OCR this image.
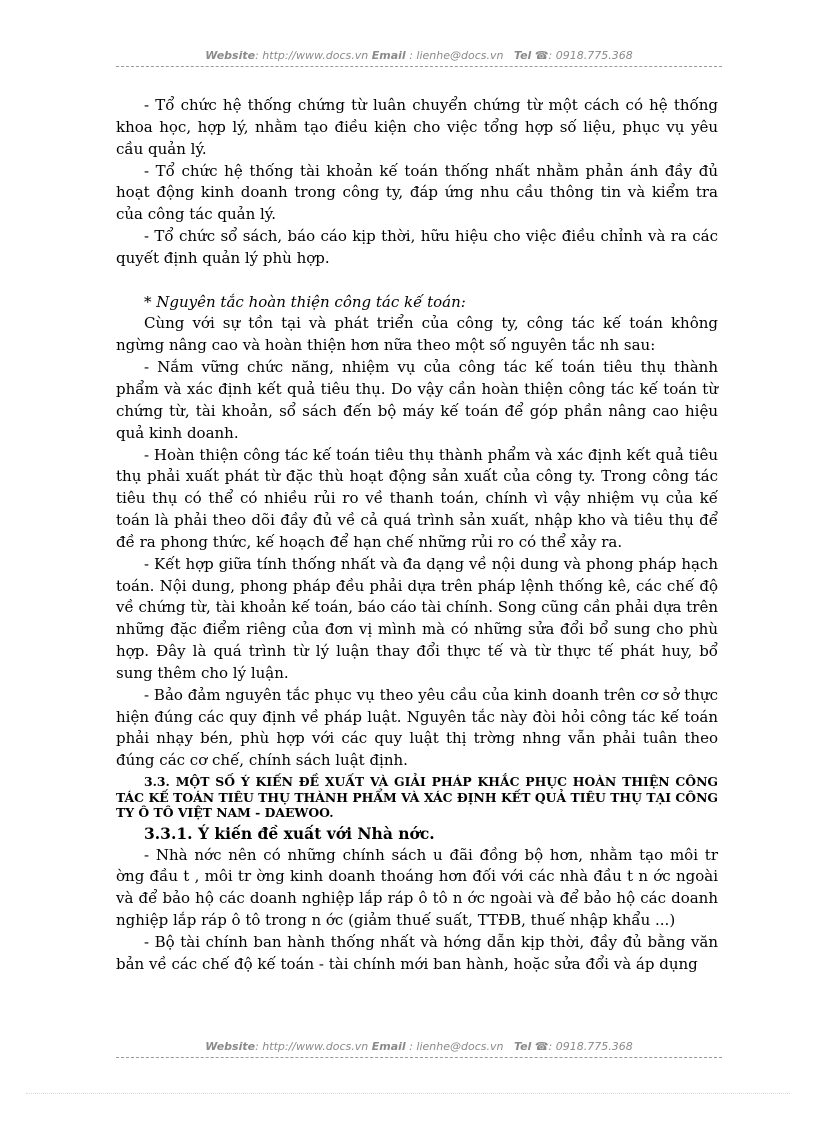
Website: http://www.docs.vn Email : lienhe@docs.vn Tel ☎: 0918.775.368

- Tổ chức hệ thống chứng từ luân chuyển chứng từ một cách có hệ thống khoa học, hợp lý, nhằm tạo điều kiện cho việc tổng hợp số liệu, phục vụ yêu cầu quản lý.

- Tổ chức hệ thống tài khoản kế toán thống nhất nhằm phản ánh đầy đủ hoạt động kinh doanh trong công ty, đáp ứng nhu cầu thông tin và kiểm tra của công tác quản lý.

- Tổ chức sổ sách, báo cáo kịp thời, hữu hiệu cho việc điều chỉnh và ra các quyết định quản lý phù hợp.

* Nguyên tắc hoàn thiện công tác kế toán:

Cùng với sự tồn tại và phát triển của công ty, công tác kế toán không ngừng nâng cao và hoàn thiện hơn nữa theo một số nguyên tắc nh sau:

- Nắm vững chức năng, nhiệm vụ của công tác kế toán tiêu thụ thành phẩm và xác định kết quả tiêu thụ. Do vậy cần hoàn thiện công tác kế toán từ chứng từ, tài khoản, sổ sách đến bộ máy kế toán để góp phần nâng cao hiệu quả kinh doanh.

- Hoàn thiện công tác kế toán tiêu thụ thành phẩm và xác định kết quả tiêu thụ phải xuất phát từ đặc thù hoạt động sản xuất của công ty. Trong công tác tiêu thụ có thể có nhiều rủi ro về thanh toán, chính vì vậy nhiệm vụ của kế toán là phải theo dõi đầy đủ về cả quá trình sản xuất, nhập kho và tiêu thụ để đề ra phong thức, kế hoạch để hạn chế những rủi ro có thể xảy ra.

- Kết hợp giữa tính thống nhất và đa dạng về nội dung và phong pháp hạch toán. Nội dung, phong pháp đều phải dựa trên pháp lệnh thống kê, các chế độ về chứng từ, tài khoản kế toán, báo cáo tài chính. Song cũng cần phải dựa trên những đặc điểm riêng của đơn vị mình mà có những sửa đổi bổ sung cho phù hợp. Đây là quá trình từ lý luận thay đổi thực tế và từ thực tế phát huy, bổ sung thêm cho lý luận.

- Bảo đảm nguyên tắc phục vụ theo yêu cầu của kinh doanh trên cơ sở thực hiện đúng các quy định về pháp luật. Nguyên tắc này đòi hỏi công tác kế toán phải nhạy bén, phù hợp với các quy luật thị trờng nhng vẫn phải tuân theo đúng các cơ chế, chính sách luật định.

3.3. MỘT SỐ Ý KIẾN ĐỀ XUẤT VÀ GIẢI PHÁP KHẮC PHỤC HOÀN THIỆN CÔNG TÁC KẾ TOÁN TIÊU THỤ THÀNH PHẨM VÀ XÁC ĐỊNH KẾT QUẢ TIÊU THỤ TẠI CÔNG TY Ô TÔ VIỆT NAM - DAEWOO.

3.3.1. Ý kiến đề xuất với Nhà nớc.

- Nhà nớc nên có những chính sách u đãi đồng bộ hơn, nhằm tạo môi tr ờng đầu t , môi tr ờng kinh doanh thoáng hơn đối với các nhà đầu t n ớc ngoài và để bảo hộ các doanh nghiệp lắp ráp ô tô n ớc ngoài và để bảo hộ các doanh nghiệp lắp ráp ô tô trong n ớc (giảm thuế suất, TTĐB, thuế nhập khẩu ...)

- Bộ tài chính ban hành thống nhất và hớng dẫn kịp thời, đầy đủ bằng văn bản về các chế độ kế toán - tài chính mới ban hành, hoặc sửa đổi và áp dụng

Website: http://www.docs.vn Email : lienhe@docs.vn Tel ☎: 0918.775.368
